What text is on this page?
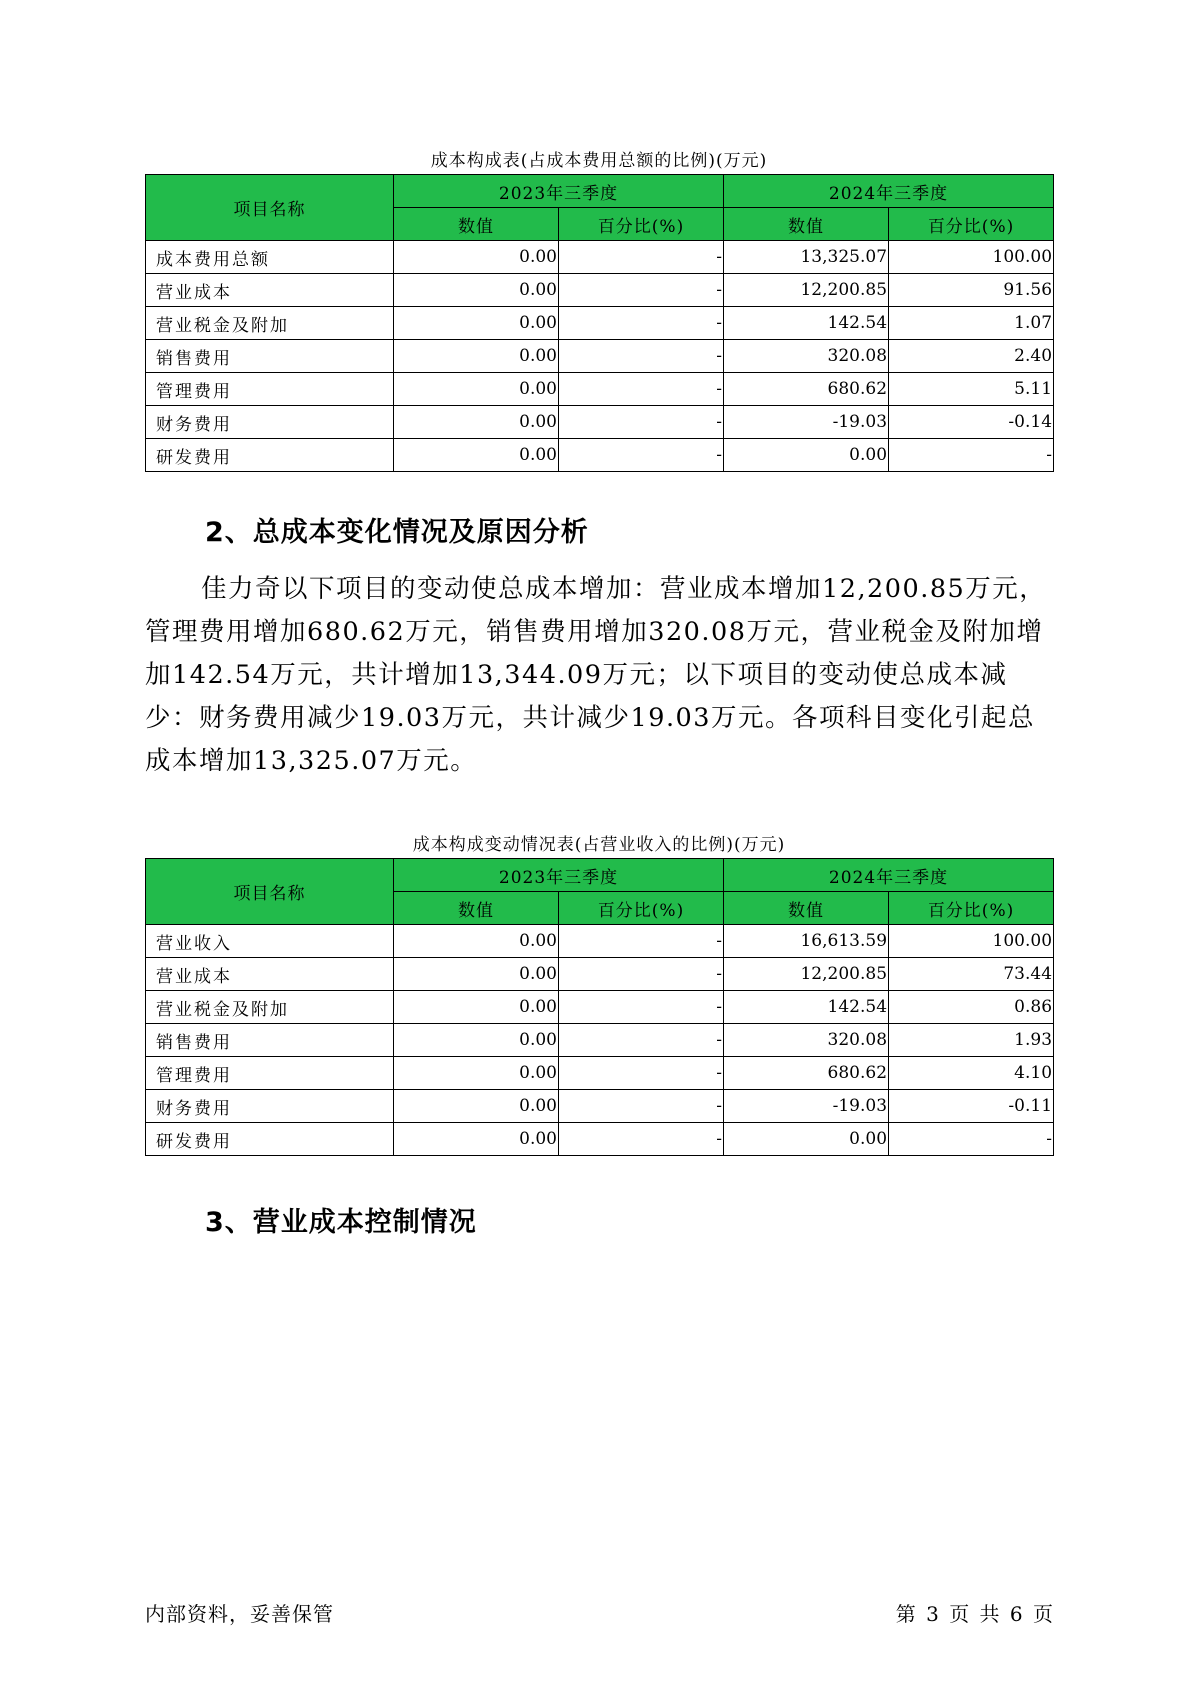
成本构成表(占成本费用总额的比例)(万元)
项目名称	2023年三季度		2024年三季度	
	数值	百分比(%)	数值	百分比(%)
成本费用总额	0.00	-	13,325.07	100.00
营业成本	0.00	-	12,200.85	91.56
营业税金及附加	0.00	-	142.54	1.07
销售费用	0.00	-	320.08	2.40
管理费用	0.00	-	680.62	5.11
财务费用	0.00	-	-19.03	-0.14
研发费用	0.00	-	0.00	-
2、总成本变化情况及原因分析

佳力奇以下项目的变动使总成本增加：营业成本增加12,200.85万元，管理费用增加680.62万元，销售费用增加320.08万元，营业税金及附加增加142.54万元，共计增加13,344.09万元；以下项目的变动使总成本减少：财务费用减少19.03万元，共计减少19.03万元。各项科目变化引起总成本增加13,325.07万元。

成本构成变动情况表(占营业收入的比例)(万元)
项目名称	2023年三季度		2024年三季度	
	数值	百分比(%)	数值	百分比(%)
营业收入	0.00	-	16,613.59	100.00
营业成本	0.00	-	12,200.85	73.44
营业税金及附加	0.00	-	142.54	0.86
销售费用	0.00	-	320.08	1.93
管理费用	0.00	-	680.62	4.10
财务费用	0.00	-	-19.03	-0.11
研发费用	0.00	-	0.00	-
3、营业成本控制情况
内部资料，妥善保管	第 3 页 共 6 页
